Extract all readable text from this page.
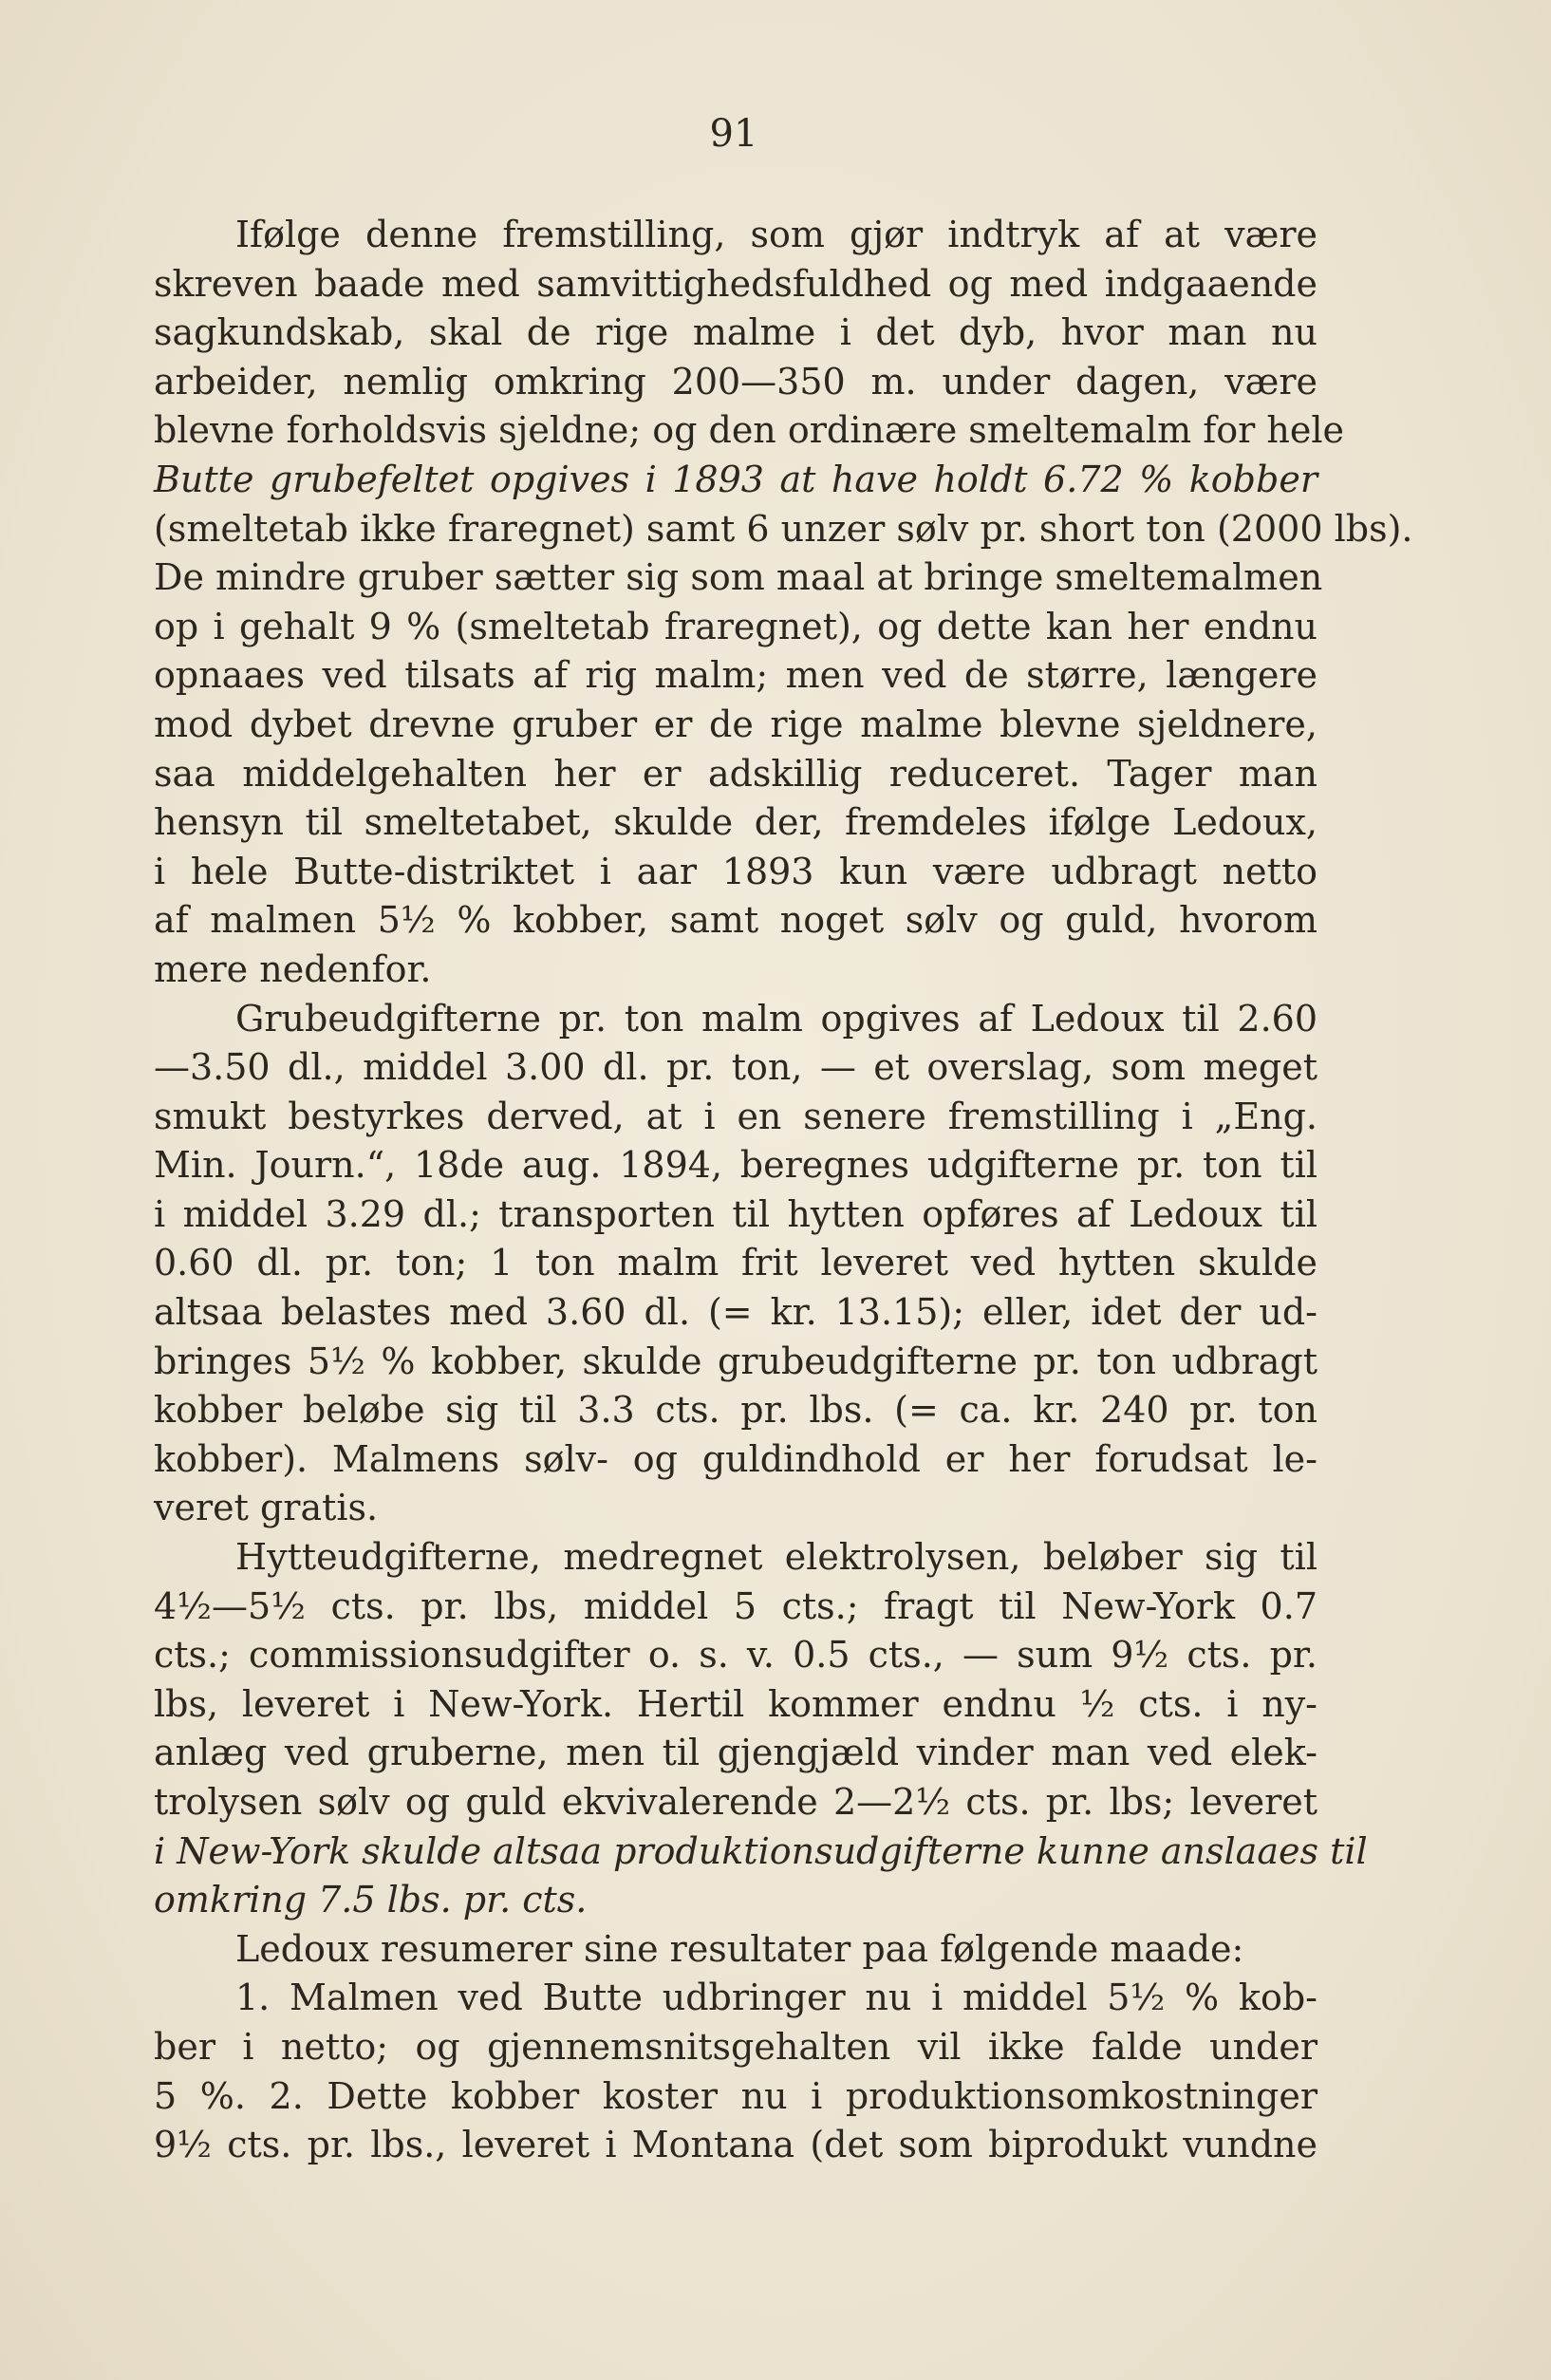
91
Ifølge denne fremstilling, som gjør indtryk af at være
skreven baade med samvittighedsfuldhed og med indgaaende
sagkundskab, skal de rige malme i det dyb, hvor man nu
arbeider, nemlig omkring 200—350 m. under dagen, være
blevne forholdsvis sjeldne; og den ordinære smeltemalm for hele
Butte grubefeltet opgives i 1893 at have holdt 6.72 % kobber
(smeltetab ikke fraregnet) samt 6 unzer sølv pr. short ton (2000 lbs).
De mindre gruber sætter sig som maal at bringe smeltemalmen
op i gehalt 9 % (smeltetab fraregnet), og dette kan her endnu
opnaaes ved tilsats af rig malm; men ved de større, længere
mod dybet drevne gruber er de rige malme blevne sjeldnere,
saa middelgehalten her er adskillig reduceret. Tager man
hensyn til smeltetabet, skulde der, fremdeles ifølge Ledoux,
i hele Butte-distriktet i aar 1893 kun være udbragt netto
af malmen 5½ % kobber, samt noget sølv og guld, hvorom
mere nedenfor.
Grubeudgifterne pr. ton malm opgives af Ledoux til 2.60
—3.50 dl., middel 3.00 dl. pr. ton, — et overslag, som meget
smukt bestyrkes derved, at i en senere fremstilling i „Eng.
Min. Journ.“, 18de aug. 1894, beregnes udgifterne pr. ton til
i middel 3.29 dl.; transporten til hytten opføres af Ledoux til
0.60 dl. pr. ton; 1 ton malm frit leveret ved hytten skulde
altsaa belastes med 3.60 dl. (= kr. 13.15); eller, idet der ud-
bringes 5½ % kobber, skulde grubeudgifterne pr. ton udbragt
kobber beløbe sig til 3.3 cts. pr. lbs. (= ca. kr. 240 pr. ton
kobber). Malmens sølv- og guldindhold er her forudsat le-
veret gratis.
Hytteudgifterne, medregnet elektrolysen, beløber sig til
4½—5½ cts. pr. lbs, middel 5 cts.; fragt til New-York 0.7
cts.; commissionsudgifter o. s. v. 0.5 cts., — sum 9½ cts. pr.
lbs, leveret i New-York. Hertil kommer endnu ½ cts. i ny-
anlæg ved gruberne, men til gjengjæld vinder man ved elek-
trolysen sølv og guld ekvivalerende 2—2½ cts. pr. lbs; leveret
i New-York skulde altsaa produktionsudgifterne kunne anslaaes til
omkring 7.5 lbs. pr. cts.
Ledoux resumerer sine resultater paa følgende maade:
1. Malmen ved Butte udbringer nu i middel 5½ % kob-
ber i netto; og gjennemsnitsgehalten vil ikke falde under
5 %. 2. Dette kobber koster nu i produktionsomkostninger
9½ cts. pr. lbs., leveret i Montana (det som biprodukt vundne
